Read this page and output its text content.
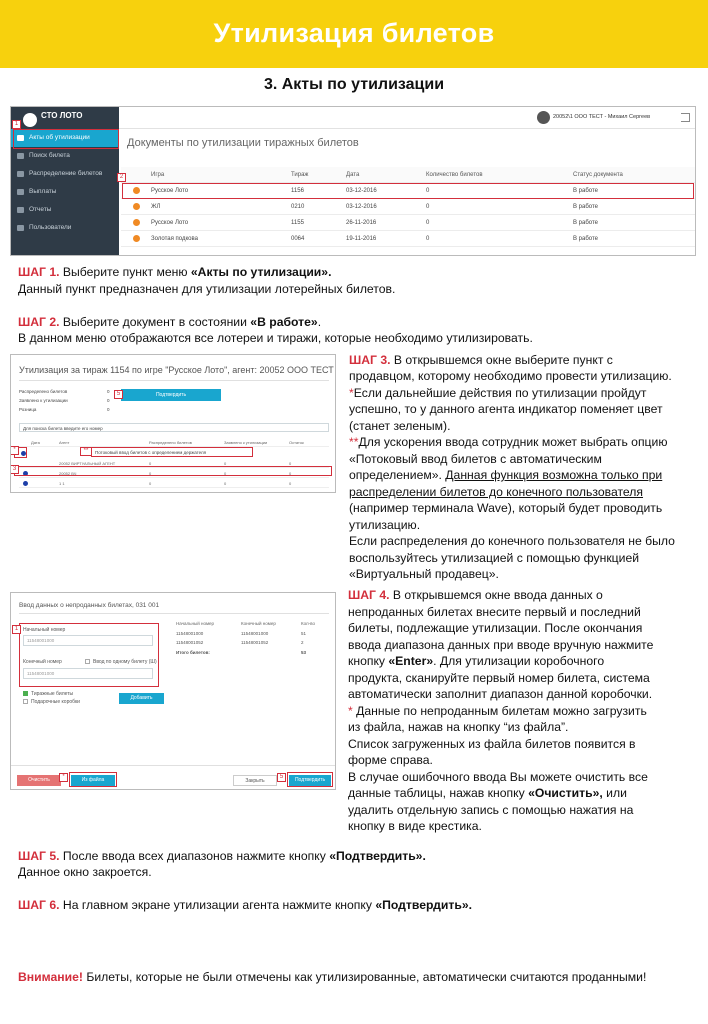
Утилизация билетов
3. Акты по утилизации
СТО ЛОТО
Акты об утилизации
Поиск билета
Распределение билетов
Выплаты
Отчеты
Пользователи
20052\1 ООО ТЕСТ - Михаил Сергеев
Документы по утилизации тиражных билетов
Игра	Тираж	Дата	Количество билетов	Статус документа
Русское Лото	1156	03-12-2016	0	В работе
ЖЛ	0210	03-12-2016	0	В работе
Русское Лото	1155	26-11-2016	0	В работе
Золотая подкова	0064	19-11-2016	0	В работе
1
2
Утилизация за тираж 1154 по игре "Русское Лото", агент: 20052 ООО ТЕСТ
Распределено билетов	0
Заявлено к утилизации	0
Розница	0
Подтвердить
Для поиска билета введите его номер
Дата	Агент	Распределено билетов	Заявлено к утилизации	Остаток
Потоковый ввод билетов с определением держателя
20052 ВИРТУАЛЬНЫЙ АГЕНТ	0	0	0
20052 ВЧ	0	0	0
1 1	0	0	0
*	**
3
5
Ввод данных о непроданных билетах, 031 001
Начальный номер
11548001000
Конечный номер	Ввод по одному билету (Ш)
11548001000
Тиражные билеты
Подарочные коробки
Добавить
Начальный номер	Конечный номер	Кол-во
11548001000	11548001000	51
11548001052	11548001052	2
Итого билетов:	53
Очистить	Из файла	Закрыть	Подтвердить
1
*	5
ШАГ 1. Выберите пункт меню «Акты по утилизации».
Данный пункт предназначен для утилизации лотерейных билетов.
ШАГ 2. Выберите документ в состоянии «В работе».
В данном меню отображаются все лотереи и тиражи, которые необходимо утилизировать.
ШАГ 3. В открывшемся окне выберите пункт с
продавцом, которому необходимо провести утилизацию.
*Если дальнейшие действия по утилизации пройдут
успешно, то у данного агента индикатор поменяет цвет
(станет зеленым).
**Для ускорения ввода сотрудник может выбрать опцию
«Потоковый ввод билетов с автоматическим
определением». Данная функция возможна только при
распределении билетов до конечного пользователя
(например терминала Wave), который будет проводить
утилизацию.
Если распределения до конечного пользователя не было
воспользуйтесь утилизацией с помощью функцией
«Виртуальный продавец».
ШАГ 4. В открывшемся окне ввода данных о
непроданных билетах внесите первый и последний
билеты, подлежащие утилизации. После окончания
ввода диапазона данных при вводе вручную нажмите
кнопку «Enter». Для утилизации коробочного
продукта, сканируйте первый номер билета, система
автоматически заполнит диапазон данной коробочки.
* Данные по непроданным билетам можно загрузить
из файла, нажав на кнопку “из файла”.
Список загруженных из файла билетов появится в
форме справа.
В случае ошибочного ввода Вы можете очистить все
данные таблицы, нажав кнопку «Очистить», или
удалить отдельную запись с помощью нажатия на
кнопку в виде крестика.
ШАГ 5. После ввода всех диапазонов нажмите кнопку «Подтвердить».
Данное окно закроется.
ШАГ 6. На главном экране утилизации агента нажмите кнопку «Подтвердить».
Внимание! Билеты, которые не были отмечены как утилизированные, автоматически считаются проданными!
